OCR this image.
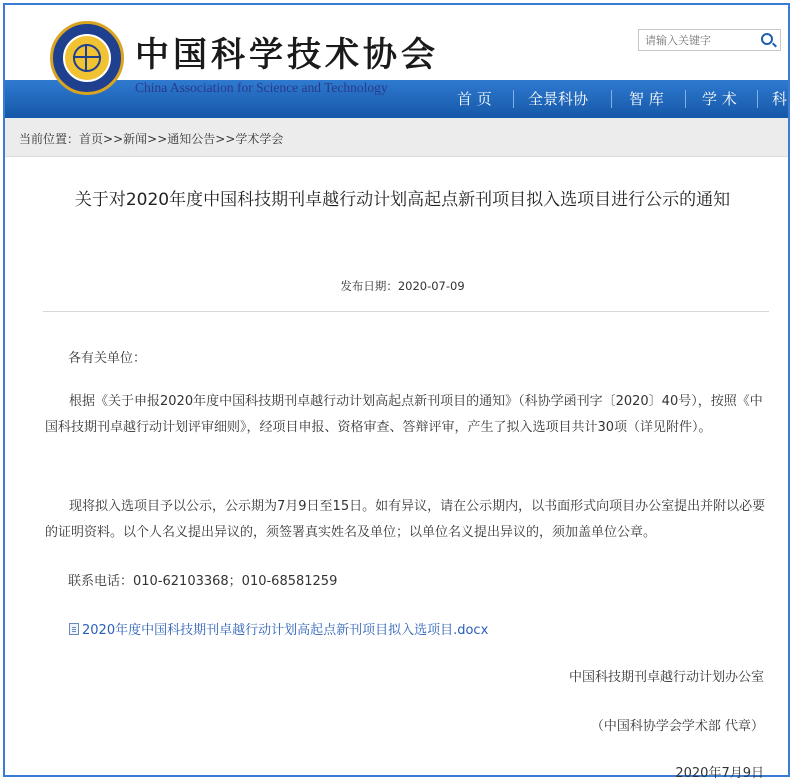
中国科学技术协会
请输入关键字
首 页 全景科协	智 库	学 术 科 普
China Association for Science and Technology
当前位置：首页>>新闻>>通知公告>>学术学会
关于对2020年度中国科技期刊卓越行动计划高起点新刊项目拟入选项目进行公示的通知
发布日期：2020-07-09
各有关单位：
根据《关于申报2020年度中国科技期刊卓越行动计划高起点新刊项目的通知》（科协学函刊字〔2020〕40号），按照《中国科技期刊卓越行动计划评审细则》，经项目申报、资格审查、答辩评审，产生了拟入选项目共计30项（详见附件）。
现将拟入选项目予以公示，公示期为7月9日至15日。如有异议，请在公示期内，以书面形式向项目办公室提出并附以必要的证明资料。以个人名义提出异议的，须签署真实姓名及单位；以单位名义提出异议的，须加盖单位公章。
联系电话：010-62103368；010-68581259
2020年度中国科技期刊卓越行动计划高起点新刊项目拟入选项目.docx
中国科技期刊卓越行动计划办公室
（中国科协学会学术部 代章）
2020年7月9日
